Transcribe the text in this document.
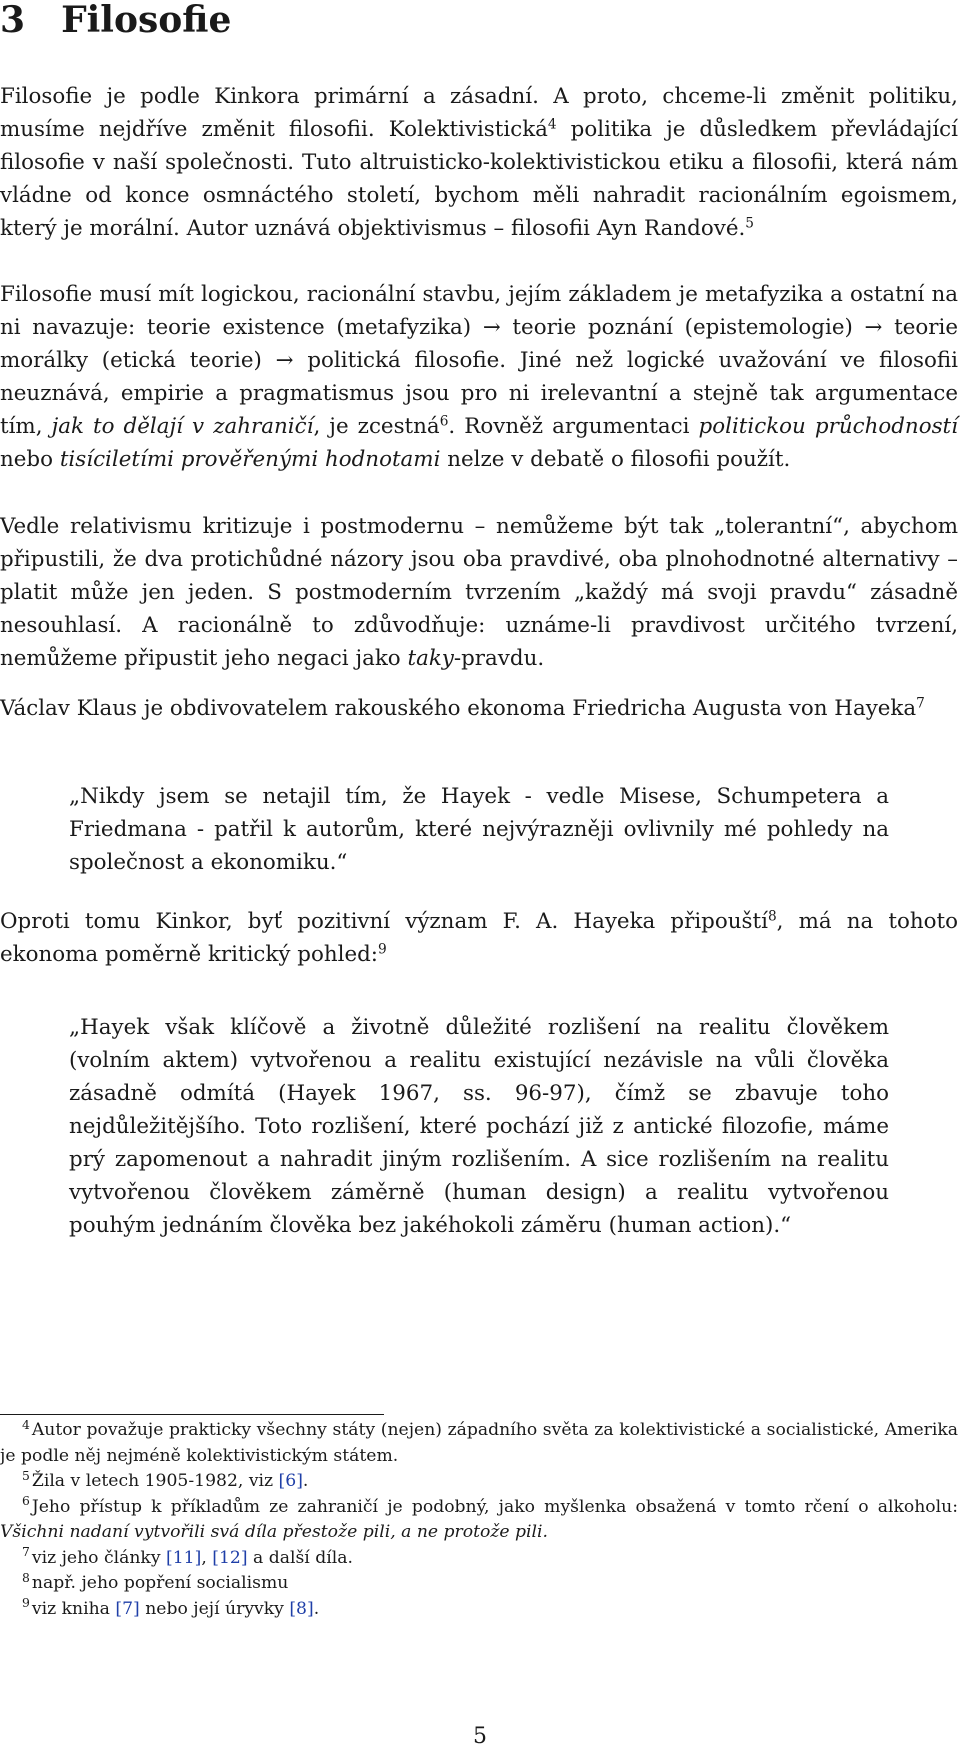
3 Filosofie

Filosofie je podle Kinkora primární a zásadní. A proto, chceme-li změnit politiku, musíme nejdříve změnit filosofii. Kolektivistická$^4$ politika je důsledkem převládající filosofie v naší společnosti. Tuto altruisticko-kolektivistickou etiku a filosofii, která nám vládne od konce osmnáctého století, bychom měli nahradit racionálním egoismem, který je morální. Autor uznává objektivismus – filosofii Ayn Randové.$^5$

Filosofie musí mít logickou, racionální stavbu, jejím základem je metafyzika a ostatní na ni navazuje: teorie existence (metafyzika) → teorie poznání (epistemologie) → teorie morálky (etická teorie) → politická filosofie. Jiné než logické uvažování ve filosofii neuznává, empirie a pragmatismus jsou pro ni irelevantní a stejně tak argumentace tím, jak to dělají v zahraničí, je zcestná$^6$. Rovněž argumentaci politickou průchodností nebo tisíciletími prověřenými hodnotami nelze v debatě o filosofii použít.

Vedle relativismu kritizuje i postmodernu – nemůžeme být tak „tolerantní“, abychom připustili, že dva protichůdné názory jsou oba pravdivé, oba plnohodnotné alternativy – platit může jen jeden. S postmoderním tvrzením „každý má svoji pravdu“ zásadně nesouhlasí. A racionálně to zdůvodňuje: uznáme-li pravdivost určitého tvrzení, nemůžeme připustit jeho negaci jako taky-pravdu.

Václav Klaus je obdivovatelem rakouského ekonoma Friedricha Augusta von Hayeka$^7$

„Nikdy jsem se netajil tím, že Hayek - vedle Misese, Schumpetera a Friedmana - patřil k autorům, které nejvýrazněji ovlivnily mé pohledy na společnost a ekonomiku.“

Oproti tomu Kinkor, byť pozitivní význam F. A. Hayeka připouští$^8$, má na tohoto ekonoma poměrně kritický pohled:$^9$

„Hayek však klíčově a životně důležité rozlišení na realitu člověkem (volním aktem) vytvořenou a realitu existující nezávisle na vůli člověka zásadně odmítá (Hayek 1967, ss. 96-97), čímž se zbavuje toho nejdůležitějšího. Toto rozlišení, které pochází již z antické filozofie, máme prý zapomenout a nahradit jiným rozlišením. A sice rozlišením na realitu vytvořenou člověkem záměrně (human design) a realitu vytvořenou pouhým jednáním člověka bez jakéhokoli záměru (human action).“

$^4$ Autor považuje prakticky všechny státy (nejen) západního světa za kolektivistické a socialistické, Amerika je podle něj nejméně kolektivistickým státem.
$^5$ Žila v letech 1905-1982, viz [6].
$^6$ Jeho přístup k příkladům ze zahraničí je podobný, jako myšlenka obsažená v tomto rčení o alkoholu: Všichni nadaní vytvořili svá díla přestože pili, a ne protože pili.
$^7$ viz jeho články [11], [12] a další díla.
$^8$ např. jeho popření socialismu
$^9$ viz kniha [7] nebo její úryvky [8].
5
